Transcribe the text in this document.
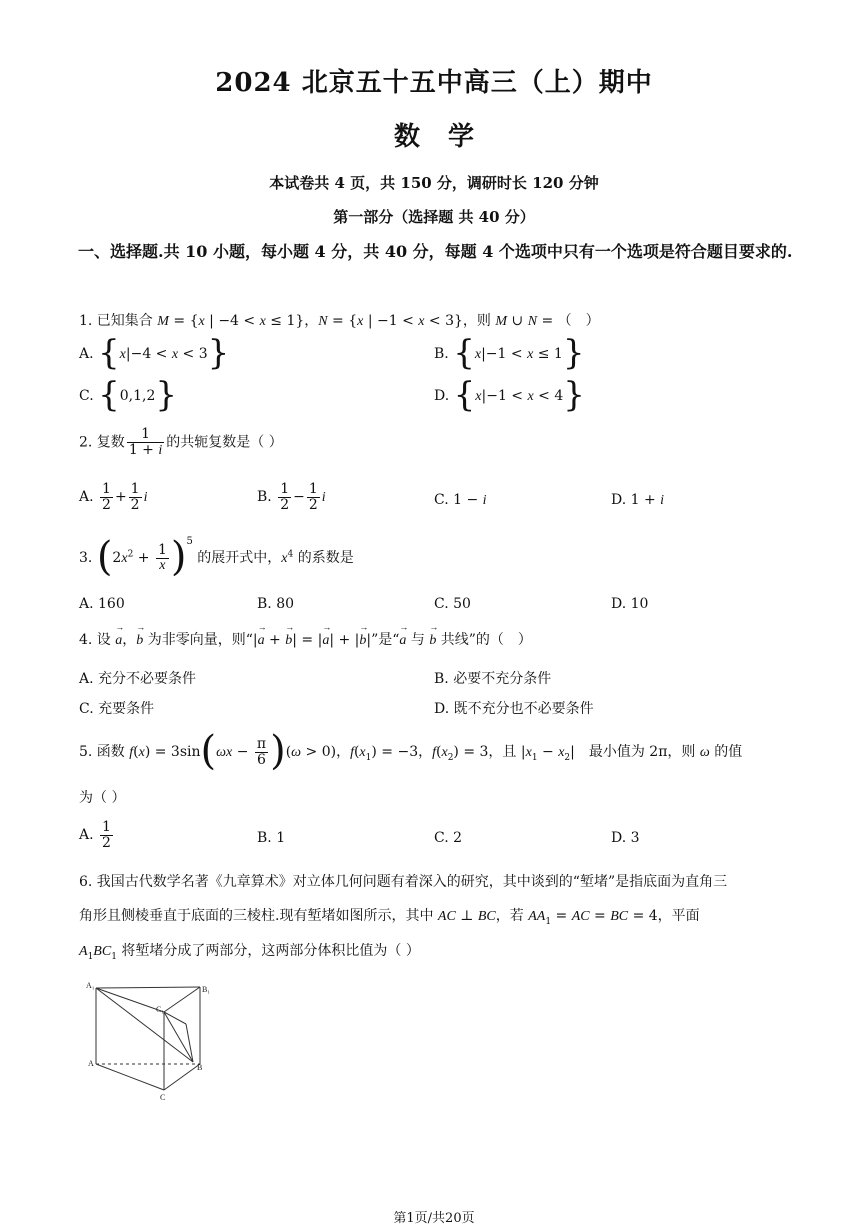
2024 北京五十五中高三（上）期中
数学
本试卷共 4 页，共 150 分，调研时长 120 分钟
第一部分（选择题 共 40 分）
一、选择题.共 10 小题，每小题 4 分，共 40 分，每题 4 个选项中只有一个选项是符合题目要求的.
1. 已知集合 M = {x | −4 < x ≤ 1}，N = {x | −1 < x < 3}，则 M ∪ N = （　）
A. {x|−4 < x < 3}	B. {x|−1 < x ≤ 1}
C. {0,1,2}	D. {x|−1 < x < 4}
2. 复数 $\frac{1}{1 + i}$ 的共轭复数是（ ）
A. $\frac{1}{2} + \frac{1}{2}$ i	B. $\frac{1}{2} - \frac{1}{2}$ i	C. 1 − i	D. 1 + i
3. $(2x^2 + \frac{1}{x} )^5$ 的展开式中，$x^4$ 的系数是
A. 160	B. 80	C. 50	D. 10
4. 设 a →，b → 为非零向量，则“|a → + b →| = |a →| + |b →|”是“a → 与 b → 共线”的（　）
A. 充分不必要条件	B. 必要不充分条件
C. 充要条件	D. 既不充分也不必要条件
5. 函数 $f(x) = 3\sin(\omega x - \frac{\pi}{6} )(\omega > 0)$，$f(x_1) = -3$，$f(x_2) = 3$，且 $|x_1 - x_2|$　最小值为 2π，则 ω 的值
为（ ）
A. $\frac{1}{2}$	B. 1	C. 2	D. 3
6. 我国古代数学名著《九章算术》对立体几何问题有着深入的研究，其中谈到的“堑堵”是指底面为直角三
角形且侧棱垂直于底面的三棱柱.现有堑堵如图所示，其中 AC ⊥ BC，若 $AA_1$ = AC = BC = 4，平面
$A_1BC_1$ 将堑堵分成了两部分，这两部分体积比值为（ ）
A₁	B₁
C₁
A	B
C
第1页/共20页
